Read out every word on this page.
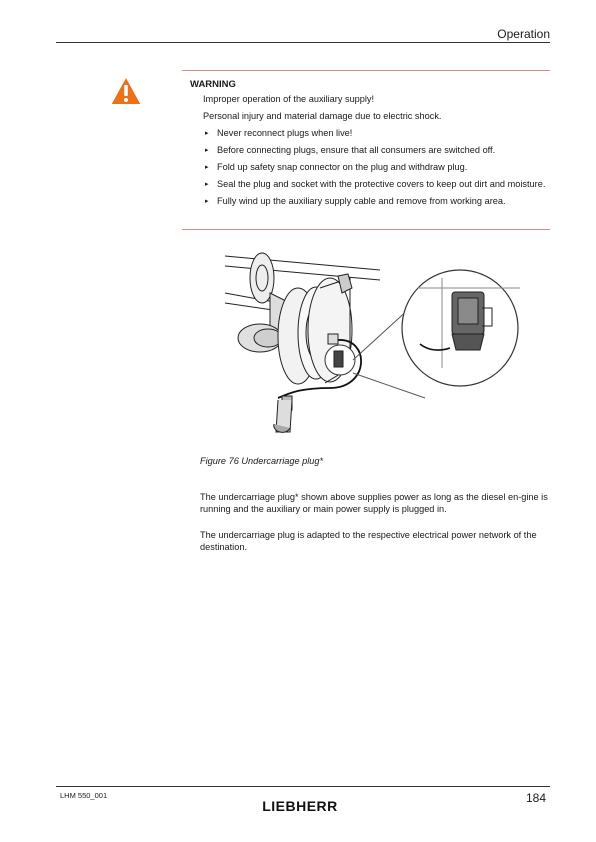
Operation
WARNING
Improper operation of the auxiliary supply!
Personal injury and material damage due to electric shock.
▸ Never reconnect plugs when live!
▸ Before connecting plugs, ensure that all consumers are switched off.
▸ Fold up safety snap connector on the plug and withdraw plug.
▸ Seal the plug and socket with the protective covers to keep out dirt and moisture.
▸ Fully wind up the auxiliary supply cable and remove from working area.
Figure 76 Undercarriage plug*

The undercarriage plug* shown above supplies power as long as the diesel en-gine is running and the auxiliary or main power supply is plugged in.

The undercarriage plug is adapted to the respective electrical power network of the destination.

LHM 550_001	184
LIEBHERR
